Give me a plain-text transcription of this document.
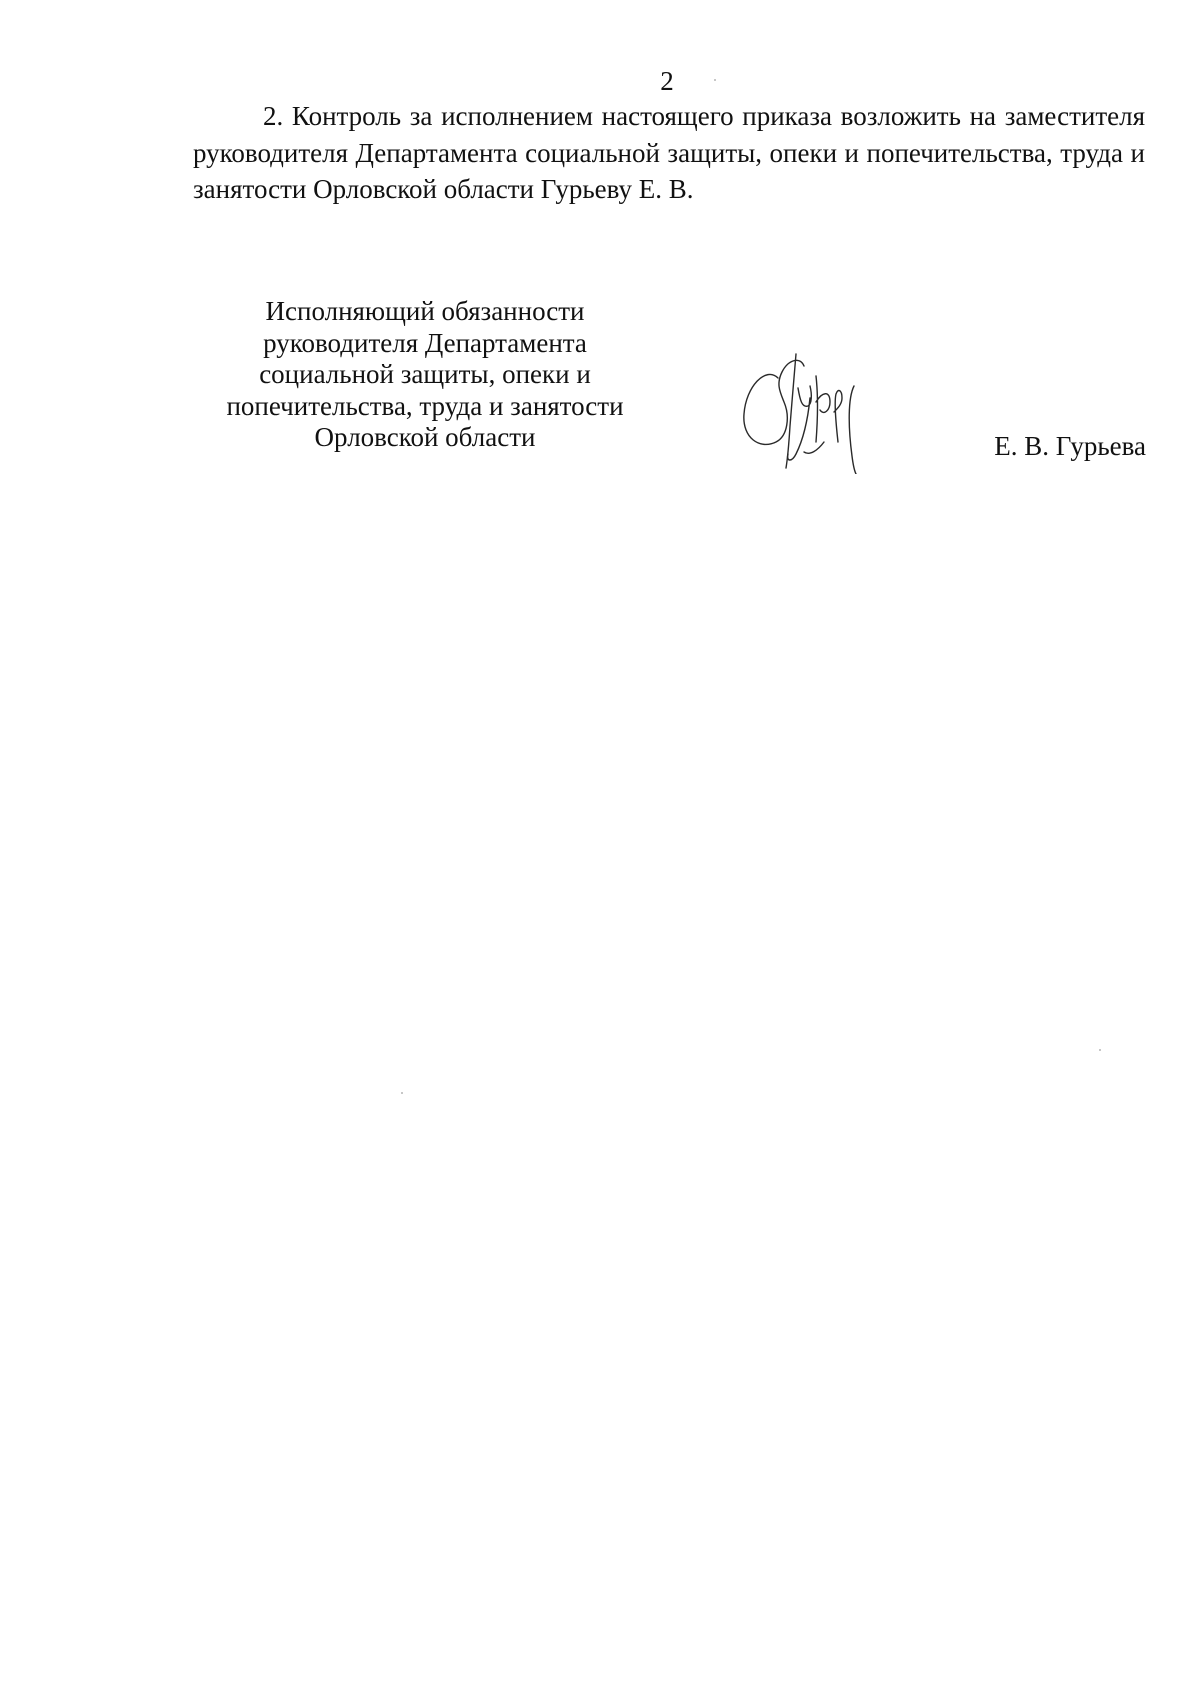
2

2. Контроль за исполнением настоящего приказа возложить на заместителя руководителя Департамента социальной защиты, опеки и попечительства, труда и занятости Орловской области Гурьеву Е. В.

Исполняющий обязанности
руководителя Департамента
социальной защиты, опеки и
попечительства, труда и занятости
Орловской области	Е. В. Гурьева
